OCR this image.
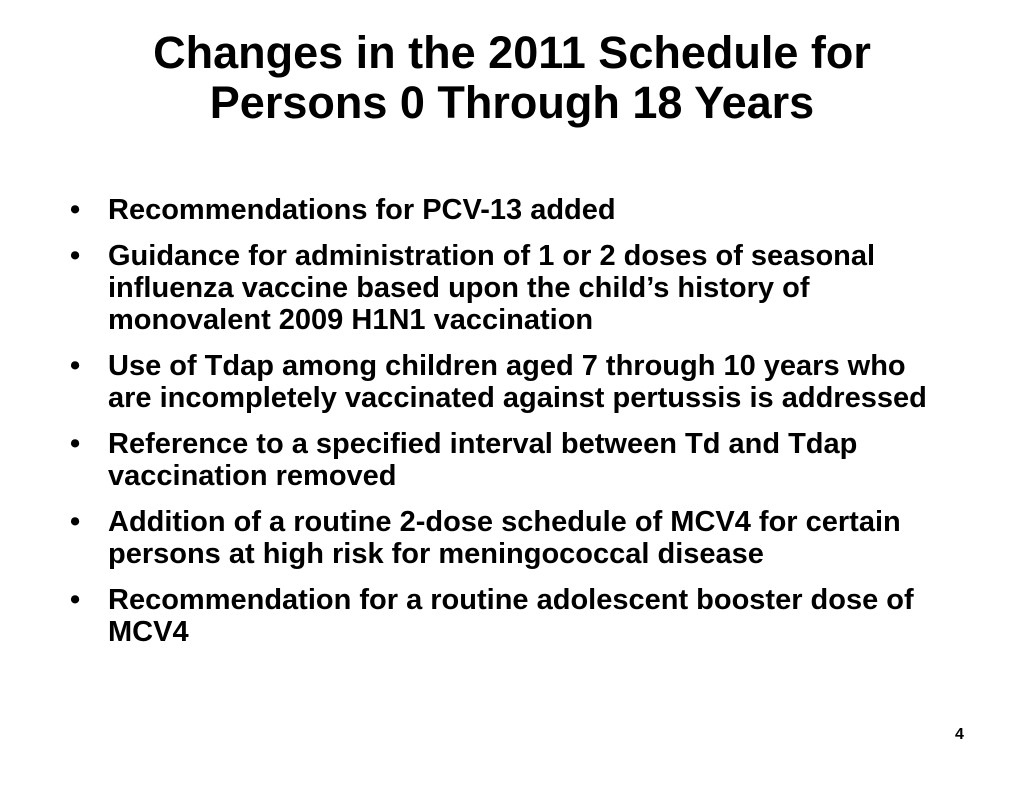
Changes in the 2011 Schedule for
Persons 0 Through 18 Years
• Recommendations for PCV-13 added
• Guidance for administration of 1 or 2 doses of seasonal influenza vaccine based upon the child’s history of monovalent 2009 H1N1 vaccination
• Use of Tdap among children aged 7 through 10 years who are incompletely vaccinated against pertussis is addressed
• Reference to a specified interval between Td and Tdap vaccination removed
• Addition of a routine 2-dose schedule of MCV4 for certain persons at high risk for meningococcal disease
• Recommendation for a routine adolescent booster dose of MCV4
4
